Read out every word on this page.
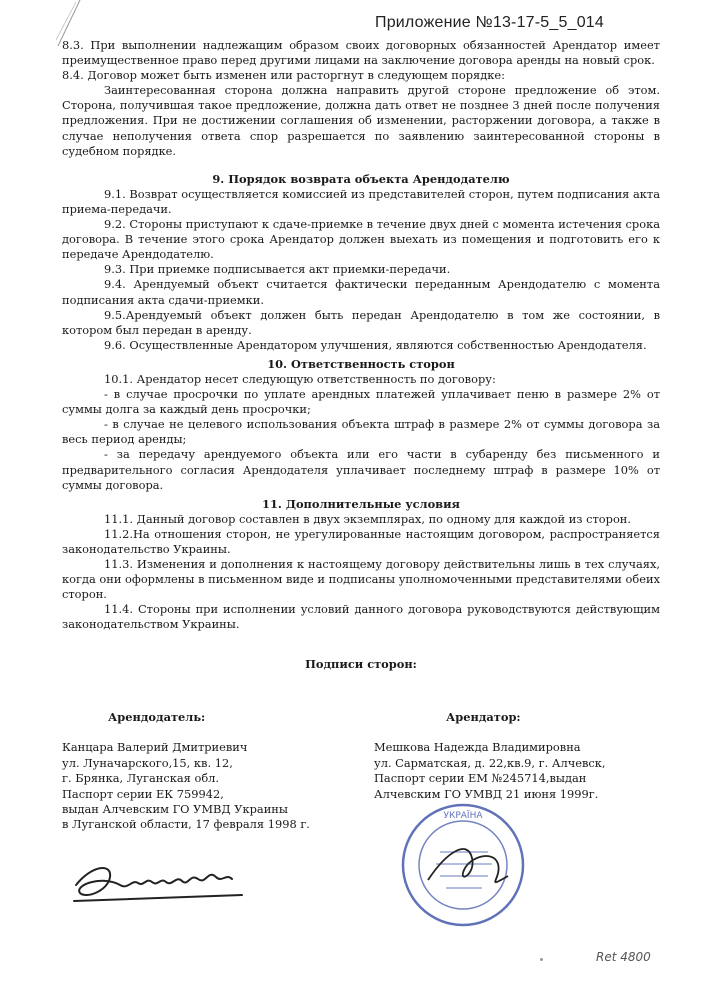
Приложение №13-17-5_5_014

8.3. При выполнении надлежащим образом своих договорных обязанностей Арендатор имеет преимущественное право перед другими лицами на заключение договора аренды на новый срок.

8.4. Договор может быть изменен или расторгнут в следующем порядке:

Заинтересованная сторона должна направить другой стороне предложение об этом. Сторона, получившая такое предложение, должна дать ответ не позднее 3 дней после получения предложения. При не достижении соглашения об изменении, расторжении договора, а также в случае неполучения ответа спор разрешается по заявлению заинтересованной стороны в судебном порядке.

9. Порядок возврата объекта Арендодателю

9.1. Возврат осуществляется комиссией из представителей сторон, путем подписания акта приема-передачи.

9.2. Стороны приступают к сдаче-приемке в течение двух дней с момента истечения срока договора. В течение этого срока Арендатор должен выехать из помещения и подготовить его к передаче Арендодателю.

9.3. При приемке подписывается акт приемки-передачи.

9.4. Арендуемый объект считается фактически переданным Арендодателю с момента подписания акта сдачи-приемки.

9.5.Арендуемый объект должен быть передан Арендодателю в том же состоянии, в котором был передан в аренду.

9.6. Осуществленные Арендатором улучшения, являются собственностью Арендодателя.

10. Ответственность сторон

10.1. Арендатор несет следующую ответственность по договору:

- в случае просрочки по уплате арендных платежей уплачивает пеню в размере 2% от суммы долга за каждый день просрочки;

- в случае не целевого использования объекта штраф в размере 2% от суммы договора за весь период аренды;

- за передачу арендуемого объекта или его части в субаренду без письменного и предварительного согласия Арендодателя уплачивает последнему штраф в размере 10% от суммы договора.

11. Дополнительные условия

11.1. Данный договор составлен в двух экземплярах, по одному для каждой из сторон.

11.2.На отношения сторон, не урегулированные настоящим договором, распространяется законодательство Украины.

11.3. Изменения и дополнения к настоящему договору действительны лишь в тех случаях, когда они оформлены в письменном виде и подписаны уполномоченными представителями обеих сторон.

11.4. Стороны при исполнении условий данного договора руководствуются действующим законодательством Украины.

Подписи сторон:

Арендодатель:

Канцара Валерий Дмитриевич

ул. Луначарского,15, кв. 12,

г. Брянка, Луганская обл.

Паспорт серии ЕК 759942,

выдан Алчевским ГО УМВД Украины

в Луганской области, 17 февраля 1998 г.

Арендатор:

Мешкова Надежда Владимировна

ул. Сарматская, д. 22,кв.9, г. Алчевск,

Паспорт серии ЕМ №245714,выдан

Алчевским ГО УМВД 21 июня 1999г.

УКРАЇНА
Ret 4800
